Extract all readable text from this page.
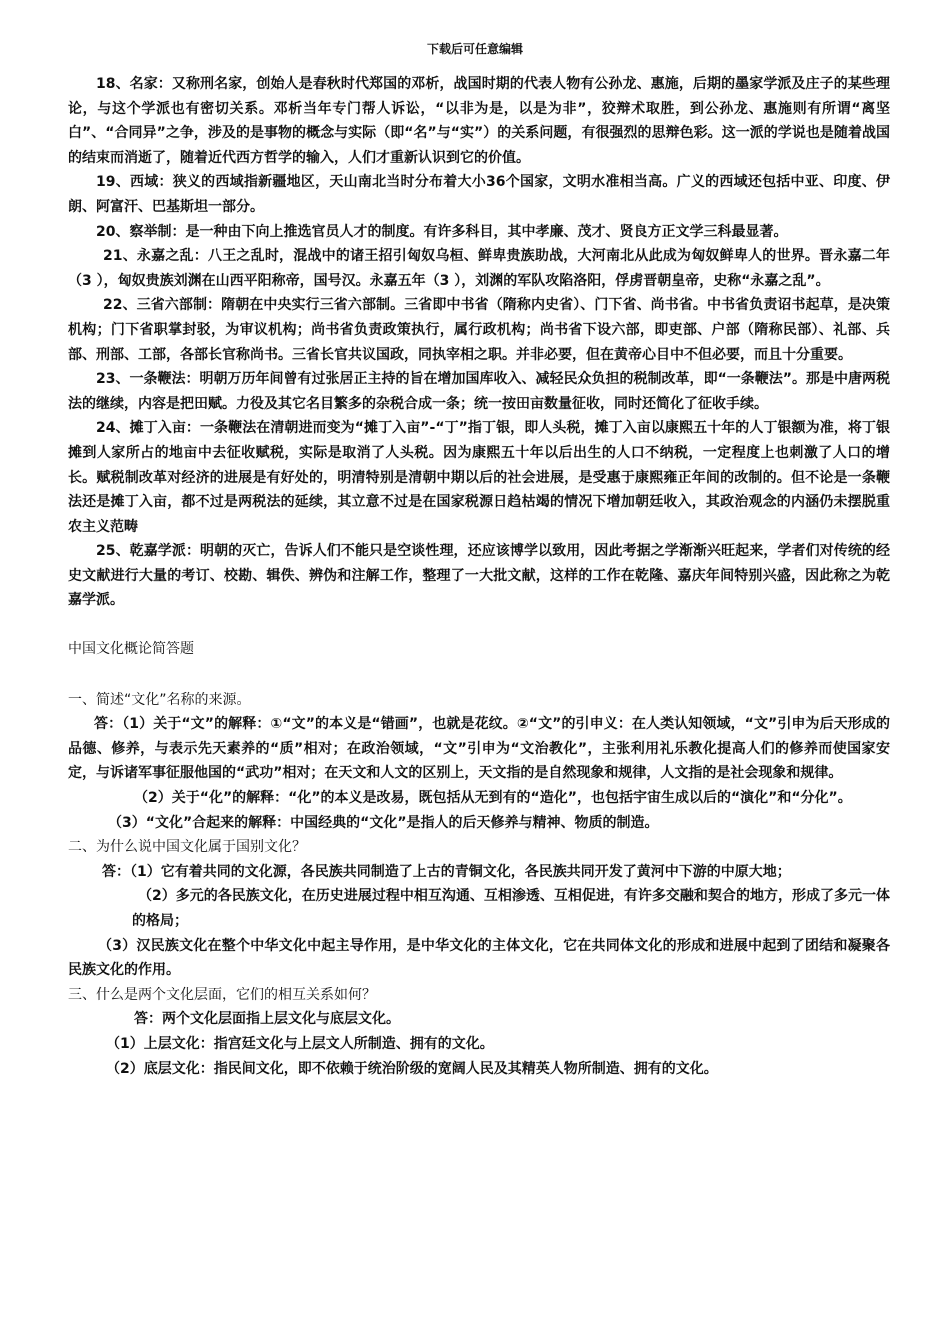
下载后可任意编辑

18、名家：又称刑名家，创始人是春秋时代郑国的邓析，战国时期的代表人物有公孙龙、惠施，后期的墨家学派及庄子的某些理论，与这个学派也有密切关系。邓析当年专门帮人诉讼，“以非为是，以是为非”，狡辩术取胜，到公孙龙、惠施则有所谓“离坚白”、“合同异”之争，涉及的是事物的概念与实际（即“名”与“实”）的关系问题，有很强烈的思辩色彩。这一派的学说也是随着战国的结束而消逝了，随着近代西方哲学的输入，人们才重新认识到它的价值。

19、西域：狭义的西域指新疆地区，天山南北当时分布着大小36个国家，文明水准相当高。广义的西域还包括中亚、印度、伊朗、阿富汗、巴基斯坦一部分。

20、察举制：是一种由下向上推选官员人才的制度。有许多科目，其中孝廉、茂才、贤良方正文学三科最显著。

21、永嘉之乱：八王之乱时，混战中的诸王招引匈奴乌桓、鲜卑贵族助战，大河南北从此成为匈奴鲜卑人的世界。晋永嘉二年（3 ），匈奴贵族刘渊在山西平阳称帝，国号汉。永嘉五年（3 ），刘渊的军队攻陷洛阳，俘虏晋朝皇帝，史称“永嘉之乱”。

22、三省六部制：隋朝在中央实行三省六部制。三省即中书省（隋称内史省）、门下省、尚书省。中书省负责诏书起草，是决策机构；门下省职掌封驳，为审议机构；尚书省负责政策执行，属行政机构；尚书省下设六部，即吏部、户部（隋称民部）、礼部、兵部、刑部、工部，各部长官称尚书。三省长官共议国政，同执宰相之职。并非必要，但在黄帝心目中不但必要，而且十分重要。

23、一条鞭法：明朝万历年间曾有过张居正主持的旨在增加国库收入、减轻民众负担的税制改革，即“一条鞭法”。那是中唐两税法的继续，内容是把田赋。力役及其它名目繁多的杂税合成一条；统一按田亩数量征收，同时还简化了征收手续。

24、摊丁入亩：一条鞭法在清朝进而变为“摊丁入亩”-“丁”指丁银，即人头税，摊丁入亩以康熙五十年的人丁银额为准，将丁银摊到人家所占的地亩中去征收赋税，实际是取消了人头税。因为康熙五十年以后出生的人口不纳税，一定程度上也刺激了人口的增长。赋税制改革对经济的进展是有好处的，明清特别是清朝中期以后的社会进展，是受惠于康熙雍正年间的改制的。但不论是一条鞭法还是摊丁入亩，都不过是两税法的延续，其立意不过是在国家税源日趋枯竭的情况下增加朝廷收入，其政治观念的内涵仍未摆脱重农主义范畴

25、乾嘉学派：明朝的灭亡，告诉人们不能只是空谈性理，还应该博学以致用，因此考据之学渐渐兴旺起来，学者们对传统的经史文献进行大量的考订、校勘、辑佚、辨伪和注解工作，整理了一大批文献，这样的工作在乾隆、嘉庆年间特别兴盛，因此称之为乾嘉学派。

中国文化概论简答题

一、简述“文化”名称的来源。

答：（1）关于“文”的解释：①“文”的本义是“错画”，也就是花纹。②“文”的引申义：在人类认知领域，“文”引申为后天形成的品德、修养，与表示先天素养的“质”相对；在政治领域，“文”引申为“文治教化”，主张利用礼乐教化提高人们的修养而使国家安定，与诉诸军事征服他国的“武功”相对；在天文和人文的区别上，天文指的是自然现象和规律，人文指的是社会现象和规律。

（2）关于“化”的解释：“化”的本义是改易，既包括从无到有的“造化”，也包括宇宙生成以后的“演化”和“分化”。

（3）“文化”合起来的解释：中国经典的“文化”是指人的后天修养与精神、物质的制造。

二、为什么说中国文化属于国别文化？

答：（1）它有着共同的文化源，各民族共同制造了上古的青铜文化，各民族共同开发了黄河中下游的中原大地；

（2）多元的各民族文化，在历史进展过程中相互沟通、互相渗透、互相促进，有许多交融和契合的地方，形成了多元一体的格局；

（3）汉民族文化在整个中华文化中起主导作用，是中华文化的主体文化，它在共同体文化的形成和进展中起到了团结和凝聚各民族文化的作用。

三、什么是两个文化层面，它们的相互关系如何？

答：两个文化层面指上层文化与底层文化。

（1）上层文化：指宫廷文化与上层文人所制造、拥有的文化。

（2）底层文化：指民间文化，即不依赖于统治阶级的宽阔人民及其精英人物所制造、拥有的文化。
